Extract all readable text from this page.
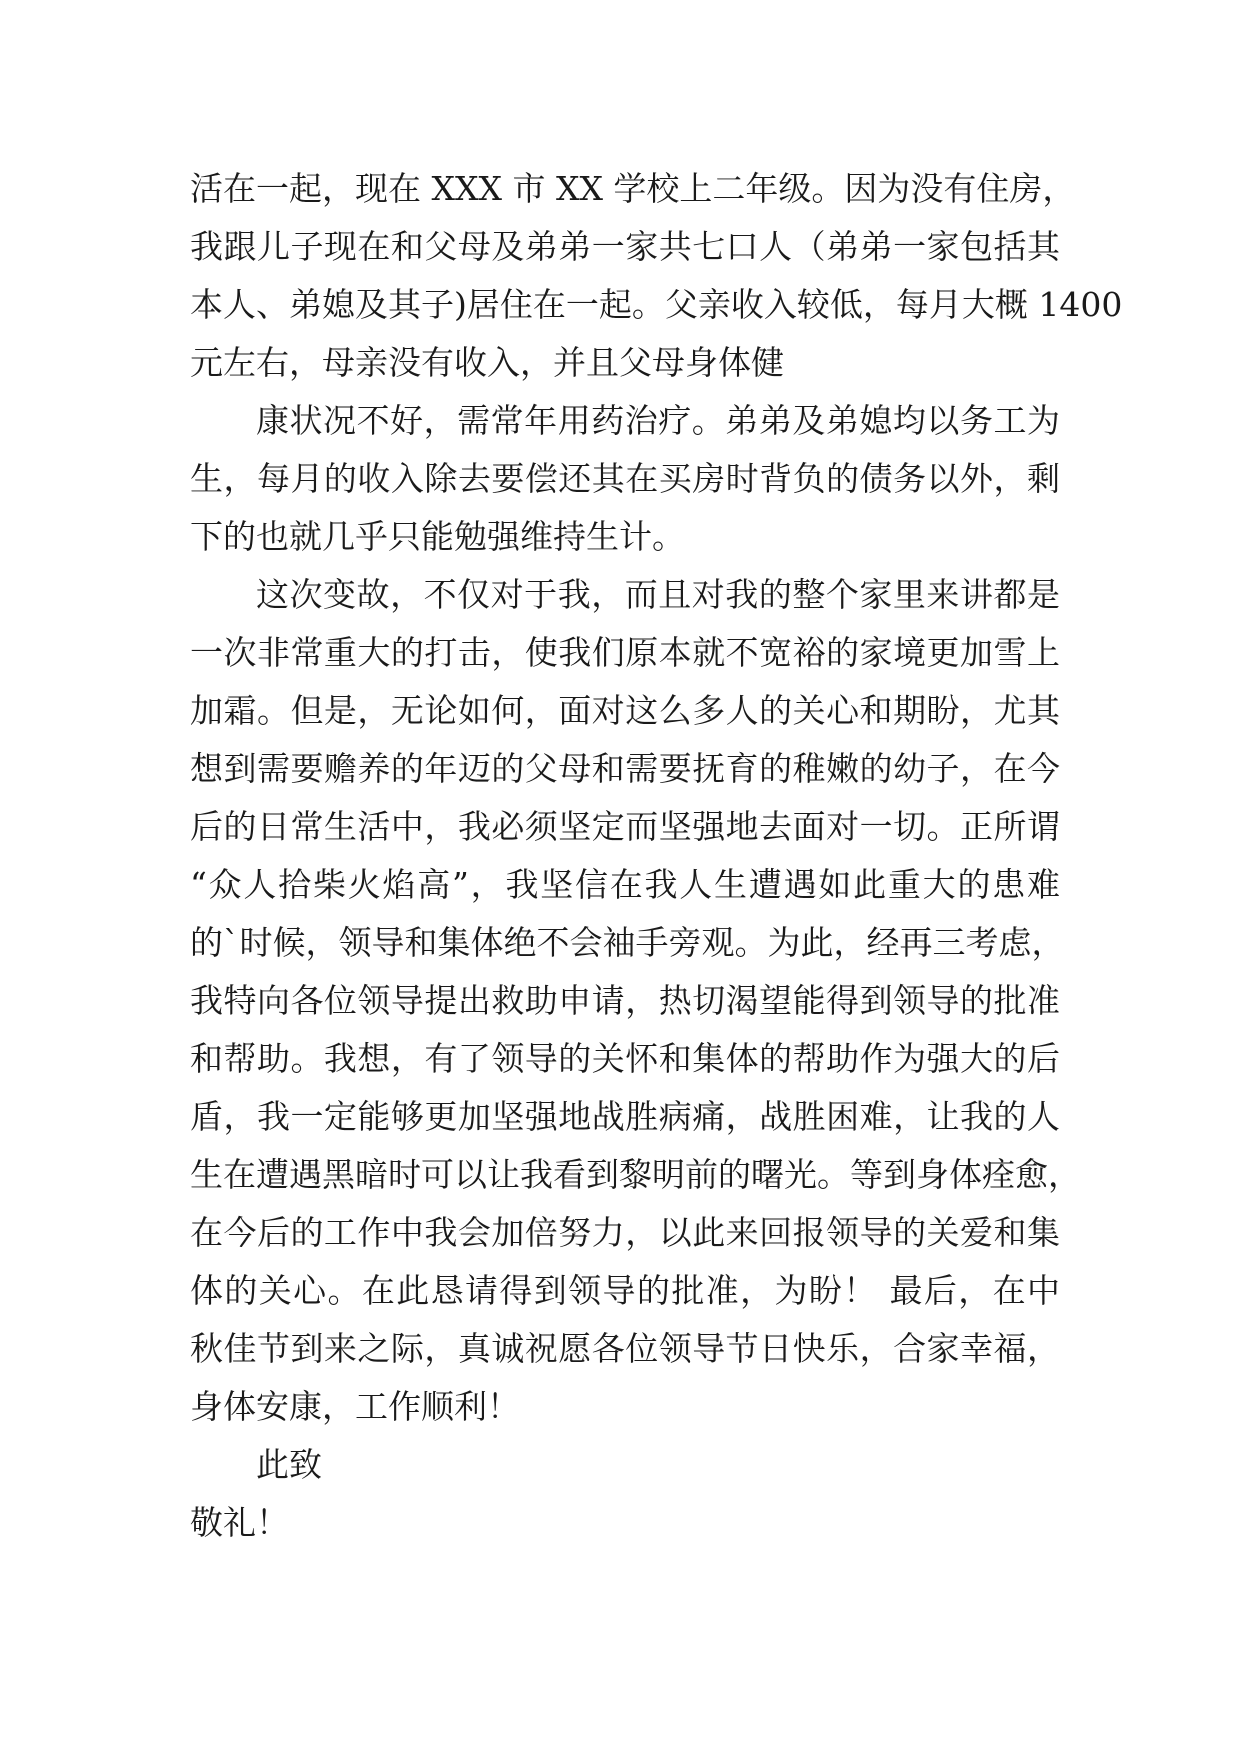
活在一起，现在 XXX 市 XX 学校上二年级。因为没有住房，
我跟儿子现在和父母及弟弟一家共七口人（弟弟一家包括其
本人、弟媳及其子)居住在一起。父亲收入较低，每月大概 1400
元左右，母亲没有收入，并且父母身体健
康状况不好，需常年用药治疗。弟弟及弟媳均以务工为
生，每月的收入除去要偿还其在买房时背负的债务以外，剩
下的也就几乎只能勉强维持生计。
这次变故，不仅对于我，而且对我的整个家里来讲都是
一次非常重大的打击，使我们原本就不宽裕的家境更加雪上
加霜。但是，无论如何，面对这么多人的关心和期盼，尤其
想到需要赡养的年迈的父母和需要抚育的稚嫩的幼子，在今
后的日常生活中，我必须坚定而坚强地去面对一切。正所谓
“众人拾柴火焰高”，我坚信在我人生遭遇如此重大的患难
的`时候，领导和集体绝不会袖手旁观。为此，经再三考虑，
我特向各位领导提出救助申请，热切渴望能得到领导的批准
和帮助。我想，有了领导的关怀和集体的帮助作为强大的后
盾，我一定能够更加坚强地战胜病痛，战胜困难，让我的人
生在遭遇黑暗时可以让我看到黎明前的曙光。等到身体痊愈，
在今后的工作中我会加倍努力，以此来回报领导的关爱和集
体的关心。在此恳请得到领导的批准，为盼！ 最后，在中
秋佳节到来之际，真诚祝愿各位领导节日快乐，合家幸福，
身体安康，工作顺利！
此致
敬礼！
